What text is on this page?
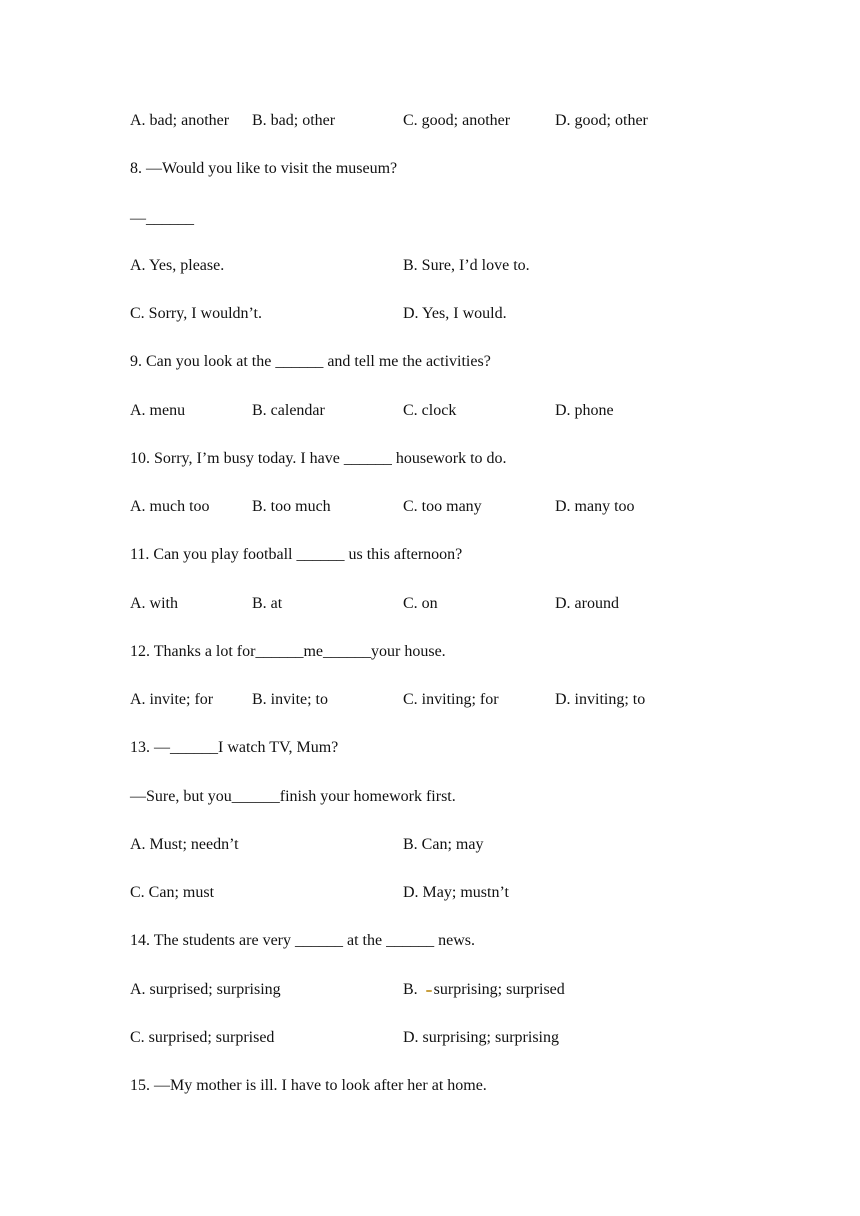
A. bad; another B. bad; other	C. good; another	D. good; other
8. —Would you like to visit the museum?
—______
A. Yes, please.	B. Sure, I’d love to.
C. Sorry, I wouldn’t.	D. Yes, I would.
9. Can you look at the ______ and tell me the activities?
A. menu	B. calendar	C. clock	D. phone
10. Sorry, I’m busy today. I have ______ housework to do.
A. much too	B. too much	C. too many	D. many too
11. Can you play football ______ us this afternoon?
A. with	B. at	C. on	D. around
12. Thanks a lot for______me______your house.
A. invite; for B. invite; to	C. inviting; for	D. inviting; to
13. —______I watch TV, Mum?
—Sure, but you______finish your homework first.
A. Must; needn’t	B. Can; may
C. Can; must	D. May; mustn’t
14. The students are very ______ at the ______ news.
A. surprised; surprising	B. surprising; surprised
C. surprised; surprised	D. surprising; surprising
15. —My mother is ill. I have to look after her at home.
